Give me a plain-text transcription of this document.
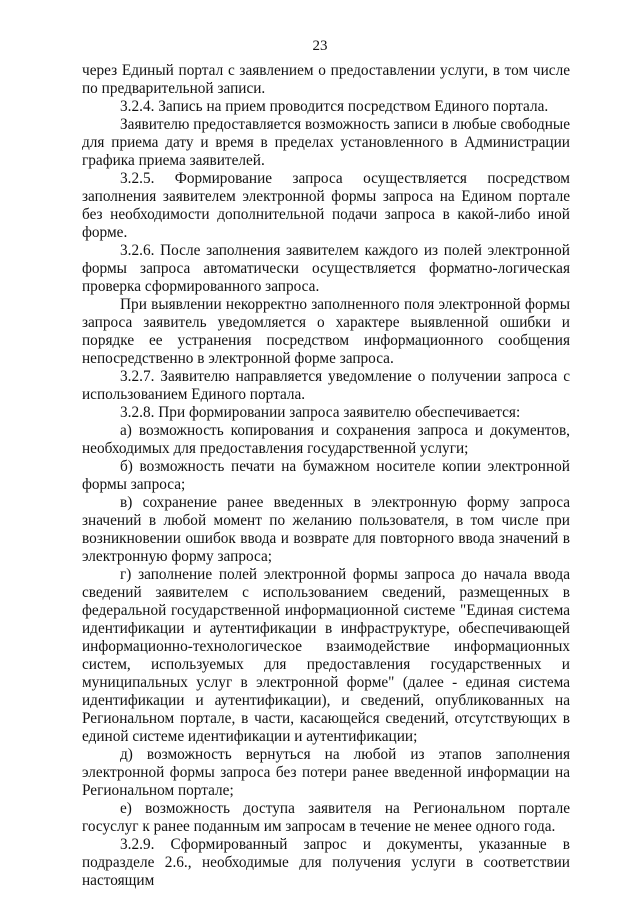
23

через Единый портал с заявлением о предоставлении услуги, в том числе по предварительной записи.

3.2.4. Запись на прием проводится посредством Единого портала.

Заявителю предоставляется возможность записи в любые свободные для приема дату и время в пределах установленного в Администрации графика приема заявителей.

3.2.5. Формирование запроса осуществляется посредством заполнения заявителем электронной формы запроса на Едином портале без необходимости дополнительной подачи запроса в какой-либо иной форме.

3.2.6. После заполнения заявителем каждого из полей электронной формы запроса автоматически осуществляется форматно-логическая проверка сформированного запроса.

При выявлении некорректно заполненного поля электронной формы запроса заявитель уведомляется о характере выявленной ошибки и порядке ее устранения посредством информационного сообщения непосредственно в электронной форме запроса.

3.2.7. Заявителю направляется уведомление о получении запроса с использованием Единого портала.

3.2.8. При формировании запроса заявителю обеспечивается:

а) возможность копирования и сохранения запроса и документов, необходимых для предоставления государственной услуги;

б) возможность печати на бумажном носителе копии электронной формы запроса;

в) сохранение ранее введенных в электронную форму запроса значений в любой момент по желанию пользователя, в том числе при возникновении ошибок ввода и возврате для повторного ввода значений в электронную форму запроса;

г) заполнение полей электронной формы запроса до начала ввода сведений заявителем с использованием сведений, размещенных в федеральной государственной информационной системе "Единая система идентификации и аутентификации в инфраструктуре, обеспечивающей информационно-технологическое взаимодействие информационных систем, используемых для предоставления государственных и муниципальных услуг в электронной форме" (далее - единая система идентификации и аутентификации), и сведений, опубликованных на Региональном портале, в части, касающейся сведений, отсутствующих в единой системе идентификации и аутентификации;

д) возможность вернуться на любой из этапов заполнения электронной формы запроса без потери ранее введенной информации на Региональном портале;

е) возможность доступа заявителя на Региональном портале госуслуг к ранее поданным им запросам в течение не менее одного года.

3.2.9. Сформированный запрос и документы, указанные в подразделе 2.6., необходимые для получения услуги в соответствии настоящим
